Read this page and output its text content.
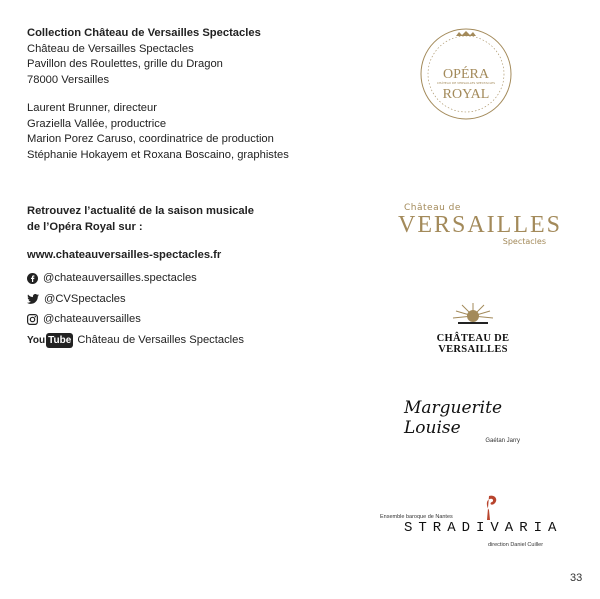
Collection Château de Versailles Spectacles

Château de Versailles Spectacles

Pavillon des Roulettes, grille du Dragon

78000 Versailles

Laurent Brunner, directeur

Graziella Vallée, productrice

Marion Porez Caruso, coordinatrice de production

Stéphanie Hokayem et Roxana Boscaino, graphistes

Retrouvez l’actualité de la saison musicale

de l’Opéra Royal sur :

www.chateauversailles-spectacles.fr

@chateauversailles.spectacles
@CVSpectacles
@chateauversailles
You Tube Château de Versailles Spectacles
OPÉRA
CHÂTEAU DE VERSAILLES SPECTACLES
ROYAL
Château de
VERSAILLES
Spectacles
CHÂTEAU DE VERSAILLES
Marguerite Louise
Gaétan Jarry
Ensemble baroque de Nantes
STRADIVARIA
direction Daniel Cuiller
33
